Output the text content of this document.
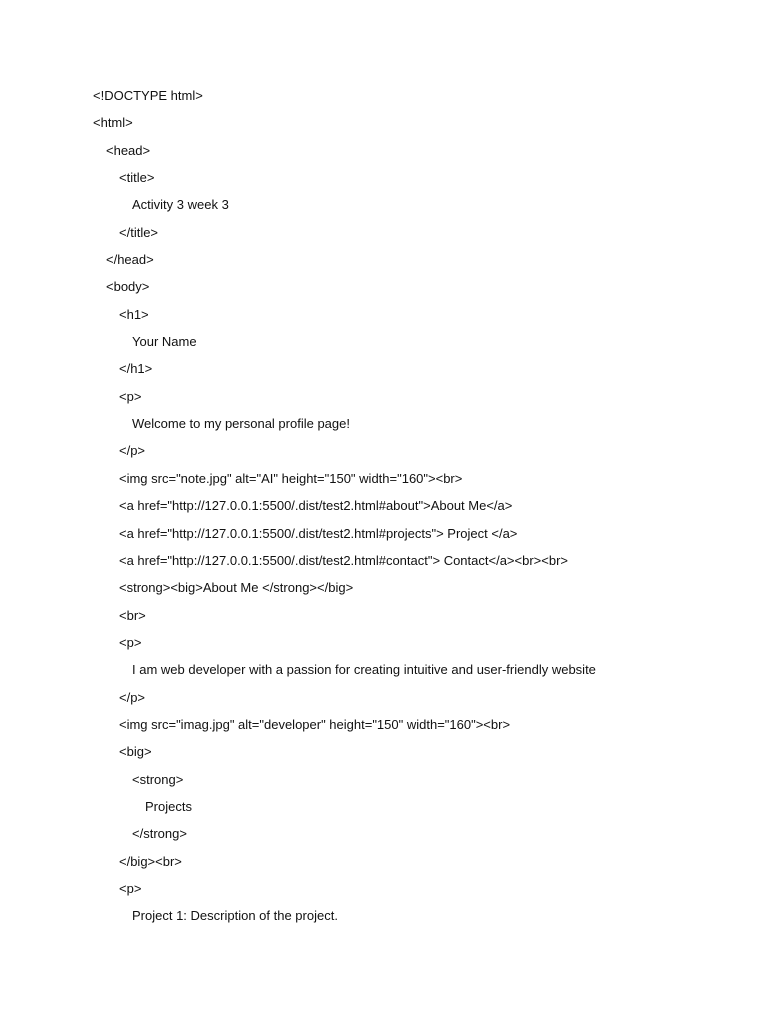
<!DOCTYPE html>
<html>
<head>
<title>
Activity 3 week 3
</title>
</head>
<body>
<h1>
Your Name
</h1>
<p>
Welcome to my personal profile page!
</p>
<img src="note.jpg" alt="AI" height="150" width="160"><br>
<a href="http://127.0.0.1:5500/.dist/test2.html#about">About Me</a>
<a href="http://127.0.0.1:5500/.dist/test2.html#projects"> Project </a>
<a href="http://127.0.0.1:5500/.dist/test2.html#contact"> Contact</a><br><br>
<strong><big>About Me </strong></big>
<br>
<p>
I am web developer with a passion for creating intuitive and user-friendly website
</p>
<img src="imag.jpg" alt="developer" height="150" width="160"><br>
<big>
<strong>
Projects
</strong>
</big><br>
<p>
Project 1: Description of the project.
